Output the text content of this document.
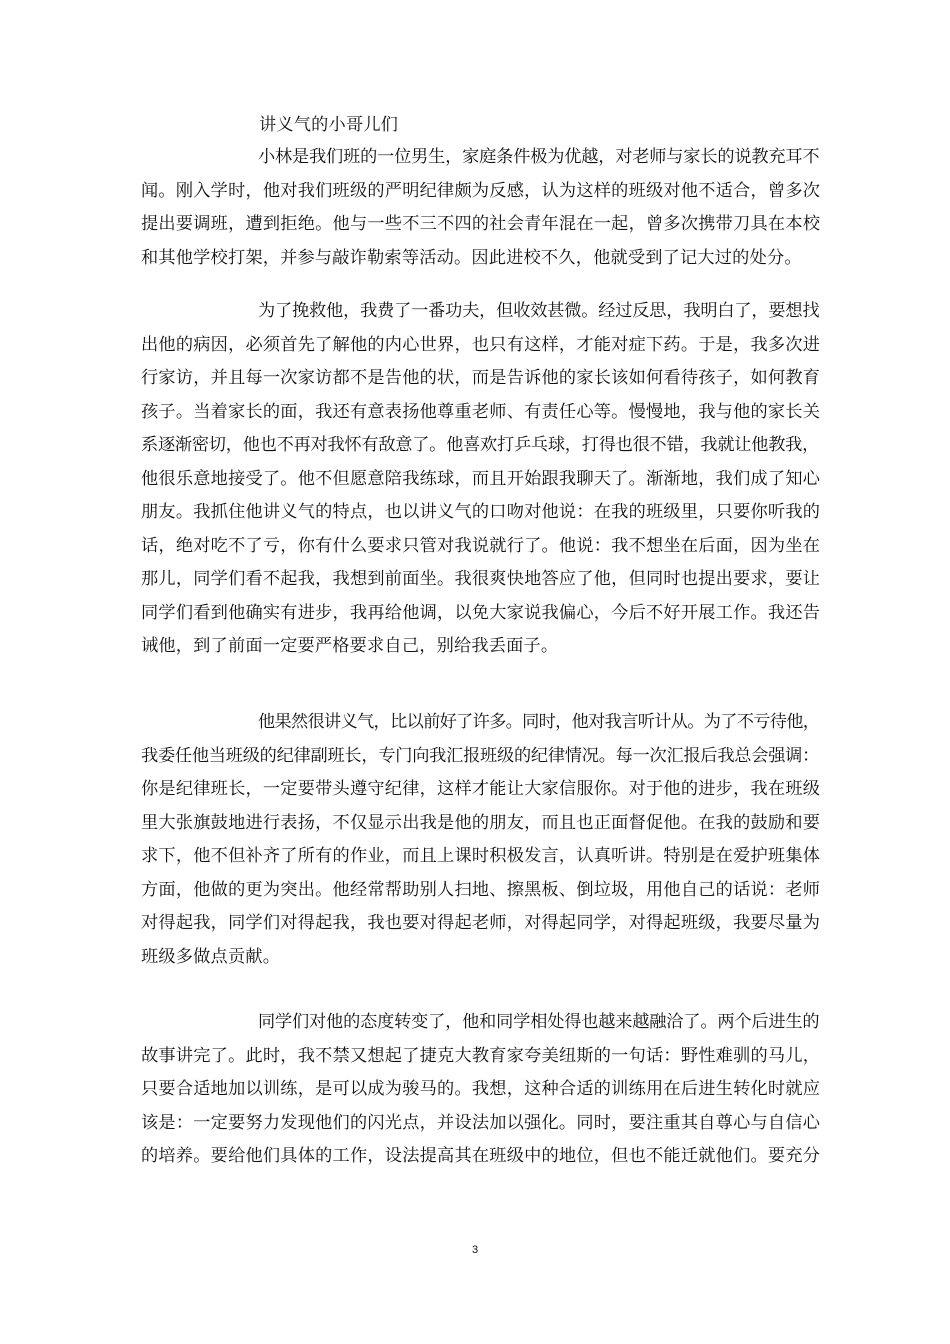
讲义气的小哥儿们
小林是我们班的一位男生，家庭条件极为优越，对老师与家长的说教充耳不
闻。刚入学时，他对我们班级的严明纪律颇为反感，认为这样的班级对他不适合，曾多次
提出要调班，遭到拒绝。他与一些不三不四的社会青年混在一起，曾多次携带刀具在本校
和其他学校打架，并参与敲诈勒索等活动。因此进校不久，他就受到了记大过的处分。
为了挽救他，我费了一番功夫，但收效甚微。经过反思，我明白了，要想找
出他的病因，必须首先了解他的内心世界，也只有这样，才能对症下药。于是，我多次进
行家访，并且每一次家访都不是告他的状，而是告诉他的家长该如何看待孩子，如何教育
孩子。当着家长的面，我还有意表扬他尊重老师、有责任心等。慢慢地，我与他的家长关
系逐渐密切，他也不再对我怀有敌意了。他喜欢打乒乓球，打得也很不错，我就让他教我，
他很乐意地接受了。他不但愿意陪我练球，而且开始跟我聊天了。渐渐地，我们成了知心
朋友。我抓住他讲义气的特点，也以讲义气的口吻对他说：在我的班级里，只要你听我的
话，绝对吃不了亏，你有什么要求只管对我说就行了。他说：我不想坐在后面，因为坐在
那儿，同学们看不起我，我想到前面坐。我很爽快地答应了他，但同时也提出要求，要让
同学们看到他确实有进步，我再给他调，以免大家说我偏心，今后不好开展工作。我还告
诫他，到了前面一定要严格要求自己，别给我丢面子。
他果然很讲义气，比以前好了许多。同时，他对我言听计从。为了不亏待他，
我委任他当班级的纪律副班长，专门向我汇报班级的纪律情况。每一次汇报后我总会强调：
你是纪律班长，一定要带头遵守纪律，这样才能让大家信服你。对于他的进步，我在班级
里大张旗鼓地进行表扬，不仅显示出我是他的朋友，而且也正面督促他。在我的鼓励和要
求下，他不但补齐了所有的作业，而且上课时积极发言，认真听讲。特别是在爱护班集体
方面，他做的更为突出。他经常帮助别人扫地、擦黑板、倒垃圾，用他自己的话说：老师
对得起我，同学们对得起我，我也要对得起老师，对得起同学，对得起班级，我要尽量为
班级多做点贡献。
同学们对他的态度转变了，他和同学相处得也越来越融洽了。两个后进生的
故事讲完了。此时，我不禁又想起了捷克大教育家夸美纽斯的一句话：野性难驯的马儿，
只要合适地加以训练，是可以成为骏马的。我想，这种合适的训练用在后进生转化时就应
该是：一定要努力发现他们的闪光点，并设法加以强化。同时，要注重其自尊心与自信心
的培养。要给他们具体的工作，设法提高其在班级中的地位，但也不能迁就他们。要充分
3
